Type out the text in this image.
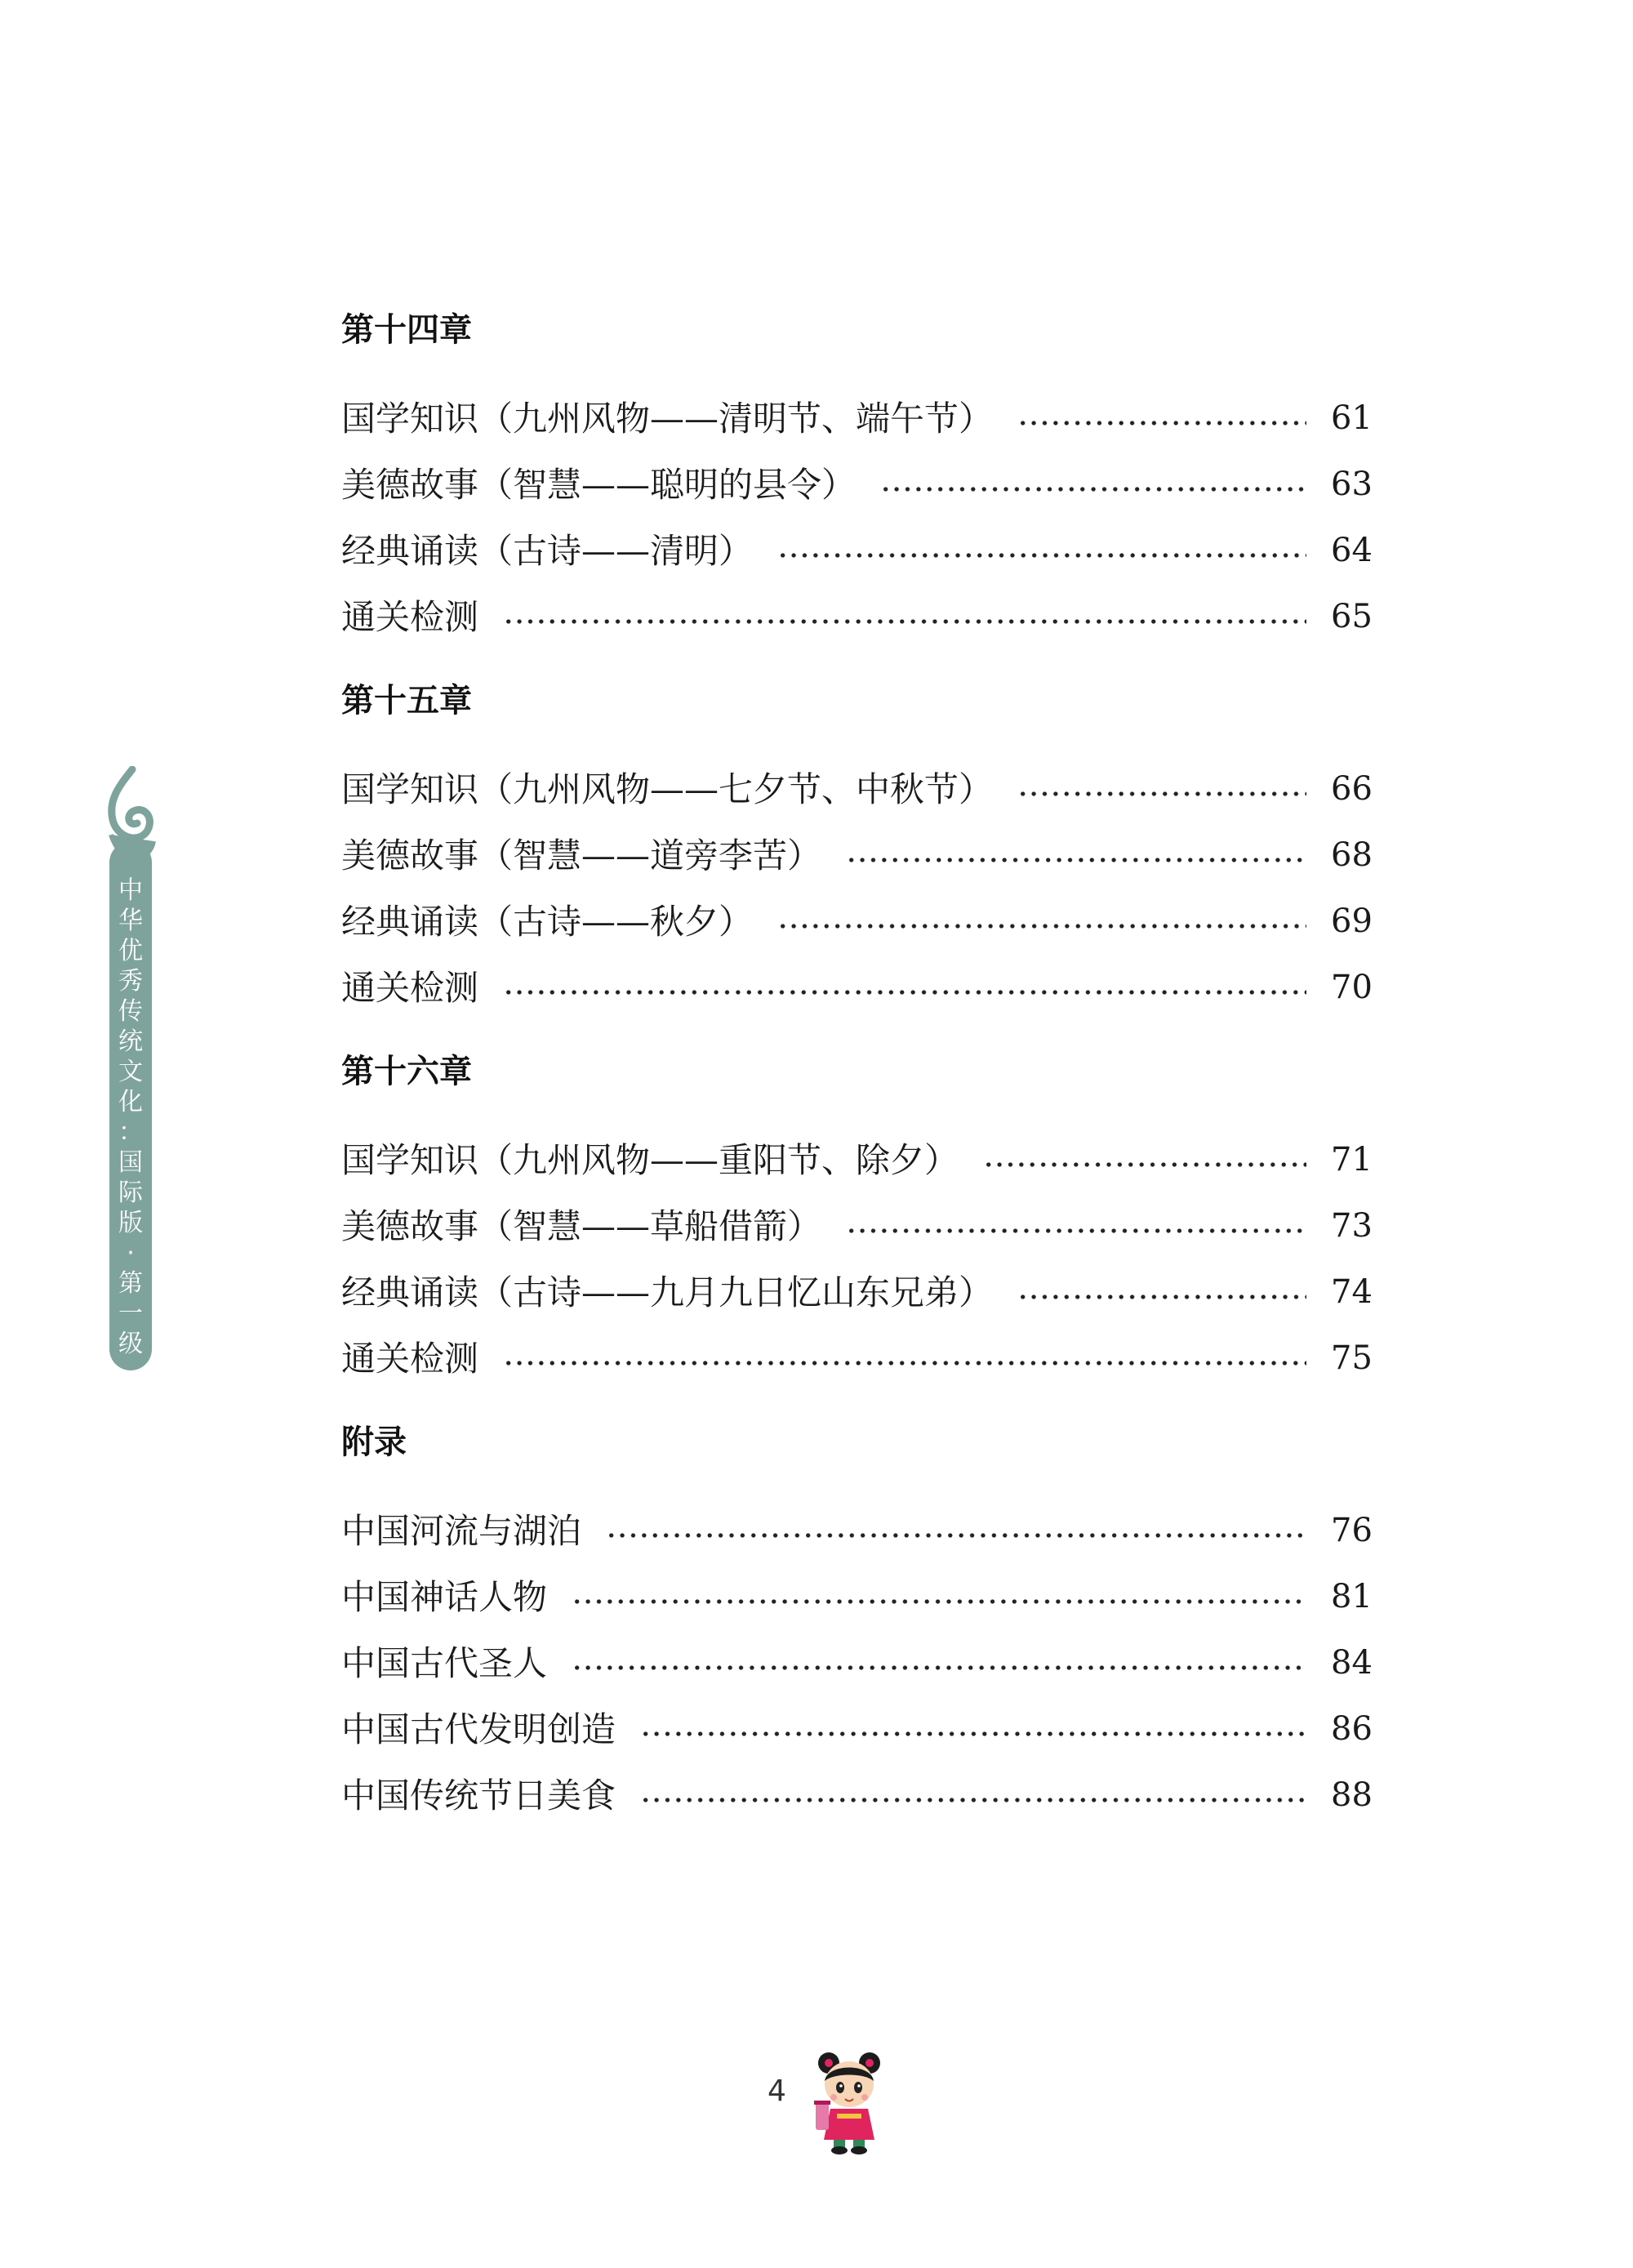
中
华
优
秀
传
统
文
化
：
国
际
版
·
第
一
级
第十四章
国学知识（九州风物——清明节、端午节）	61
美德故事（智慧——聪明的县令）	63
经典诵读（古诗——清明）	64
通关检测	65
第十五章
国学知识（九州风物——七夕节、中秋节）	66
美德故事（智慧——道旁李苦）	68
经典诵读（古诗——秋夕）	69
通关检测	70
第十六章
国学知识（九州风物——重阳节、除夕）	71
美德故事（智慧——草船借箭）	73
经典诵读（古诗——九月九日忆山东兄弟）	74
通关检测	75
附录
中国河流与湖泊	76
中国神话人物	81
中国古代圣人	84
中国古代发明创造	86
中国传统节日美食	88
4
